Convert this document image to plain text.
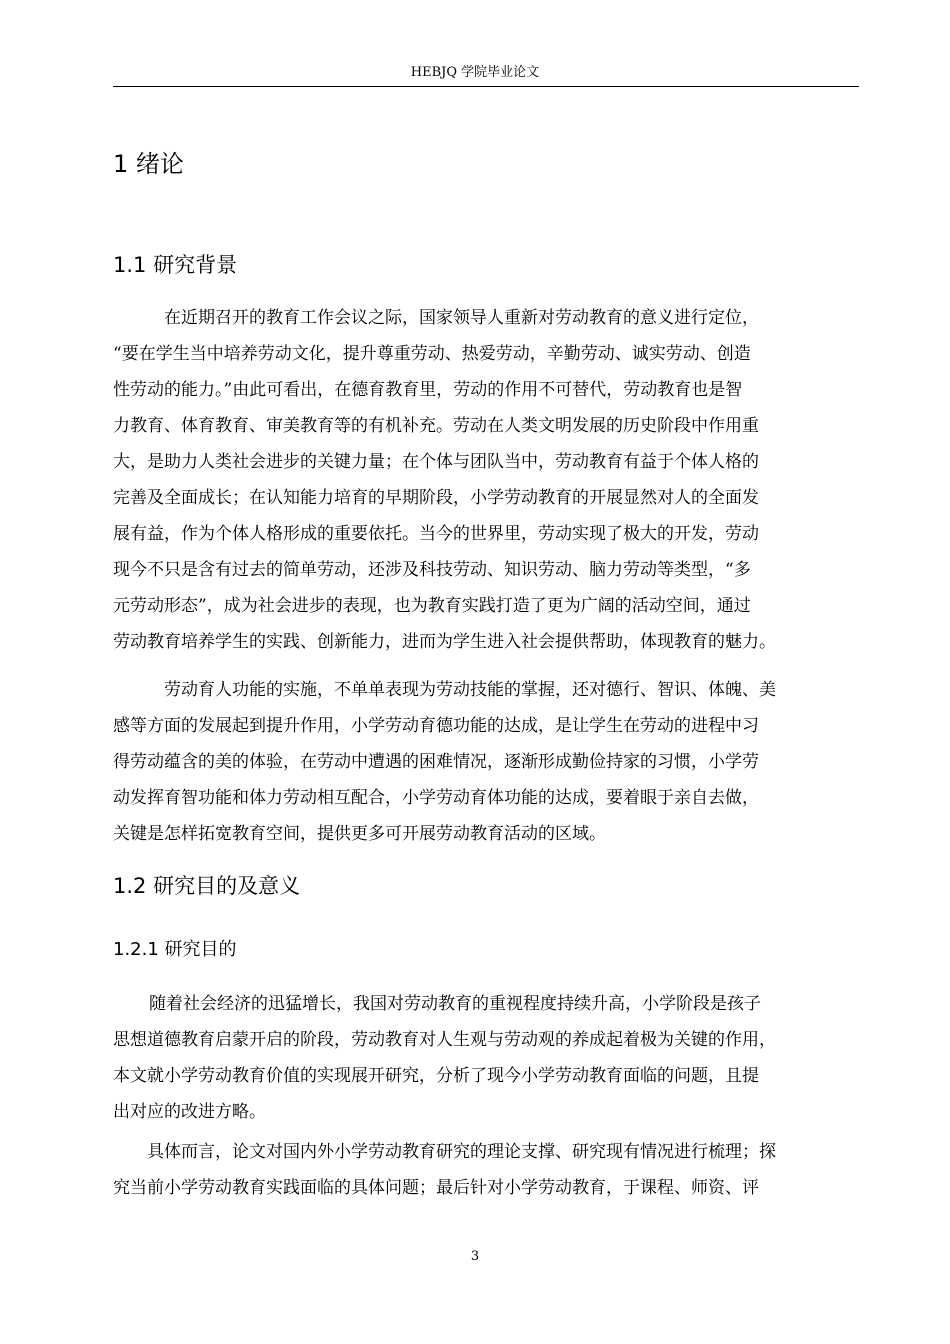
HEBJQ 学院毕业论文
1 绪论
1.1 研究背景
在近期召开的教育工作会议之际，国家领导人重新对劳动教育的意义进行定位，
“要在学生当中培养劳动文化，提升尊重劳动、热爱劳动，辛勤劳动、诚实劳动、创造
性劳动的能力。”由此可看出，在德育教育里，劳动的作用不可替代，劳动教育也是智
力教育、体育教育、审美教育等的有机补充。劳动在人类文明发展的历史阶段中作用重
大，是助力人类社会进步的关键力量；在个体与团队当中，劳动教育有益于个体人格的
完善及全面成长；在认知能力培育的早期阶段，小学劳动教育的开展显然对人的全面发
展有益，作为个体人格形成的重要依托。当今的世界里，劳动实现了极大的开发，劳动
现今不只是含有过去的简单劳动，还涉及科技劳动、知识劳动、脑力劳动等类型，“多
元劳动形态”，成为社会进步的表现，也为教育实践打造了更为广阔的活动空间，通过
劳动教育培养学生的实践、创新能力，进而为学生进入社会提供帮助，体现教育的魅力。
劳动育人功能的实施，不单单表现为劳动技能的掌握，还对德行、智识、体魄、美
感等方面的发展起到提升作用，小学劳动育德功能的达成，是让学生在劳动的进程中习
得劳动蕴含的美的体验，在劳动中遭遇的困难情况，逐渐形成勤俭持家的习惯，小学劳
动发挥育智功能和体力劳动相互配合，小学劳动育体功能的达成，要着眼于亲自去做，
关键是怎样拓宽教育空间，提供更多可开展劳动教育活动的区域。
1.2 研究目的及意义
1.2.1 研究目的
随着社会经济的迅猛增长，我国对劳动教育的重视程度持续升高，小学阶段是孩子
思想道德教育启蒙开启的阶段，劳动教育对人生观与劳动观的养成起着极为关键的作用，
本文就小学劳动教育价值的实现展开研究，分析了现今小学劳动教育面临的问题，且提
出对应的改进方略。
具体而言，论文对国内外小学劳动教育研究的理论支撑、研究现有情况进行梳理；探
究当前小学劳动教育实践面临的具体问题；最后针对小学劳动教育，于课程、师资、评
3
